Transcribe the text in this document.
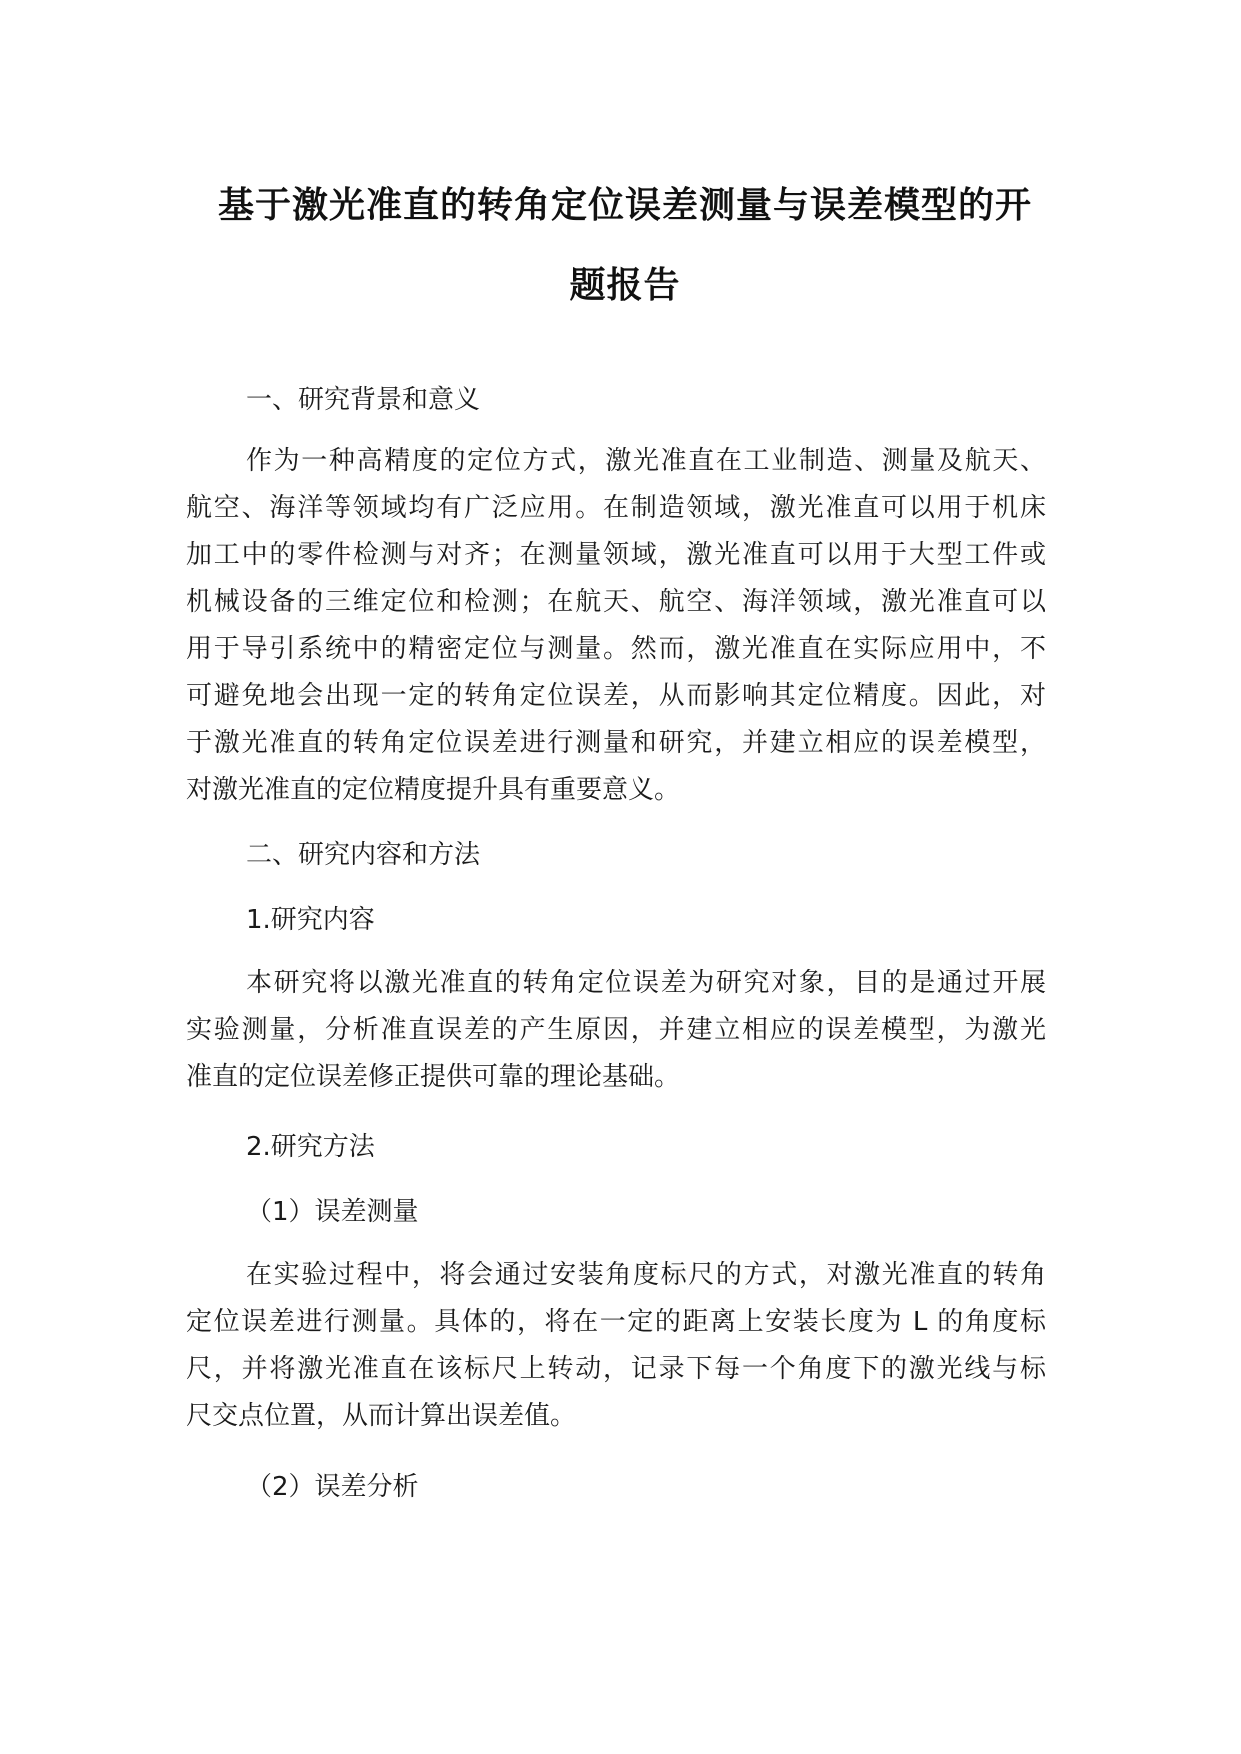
基于激光准直的转角定位误差测量与误差模型的开
题报告
一、研究背景和意义
作为一种高精度的定位方式，激光准直在工业制造、测量及航天、
航空、海洋等领域均有广泛应用。在制造领域，激光准直可以用于机床
加工中的零件检测与对齐；在测量领域，激光准直可以用于大型工件或
机械设备的三维定位和检测；在航天、航空、海洋领域，激光准直可以
用于导引系统中的精密定位与测量。然而，激光准直在实际应用中，不
可避免地会出现一定的转角定位误差，从而影响其定位精度。因此，对
于激光准直的转角定位误差进行测量和研究，并建立相应的误差模型，
对激光准直的定位精度提升具有重要意义。
二、研究内容和方法
1.研究内容
本研究将以激光准直的转角定位误差为研究对象，目的是通过开展
实验测量，分析准直误差的产生原因，并建立相应的误差模型，为激光
准直的定位误差修正提供可靠的理论基础。
2.研究方法
（1）误差测量
在实验过程中，将会通过安装角度标尺的方式，对激光准直的转角
定位误差进行测量。具体的，将在一定的距离上安装长度为 L 的角度标
尺，并将激光准直在该标尺上转动，记录下每一个角度下的激光线与标
尺交点位置，从而计算出误差值。
（2）误差分析
